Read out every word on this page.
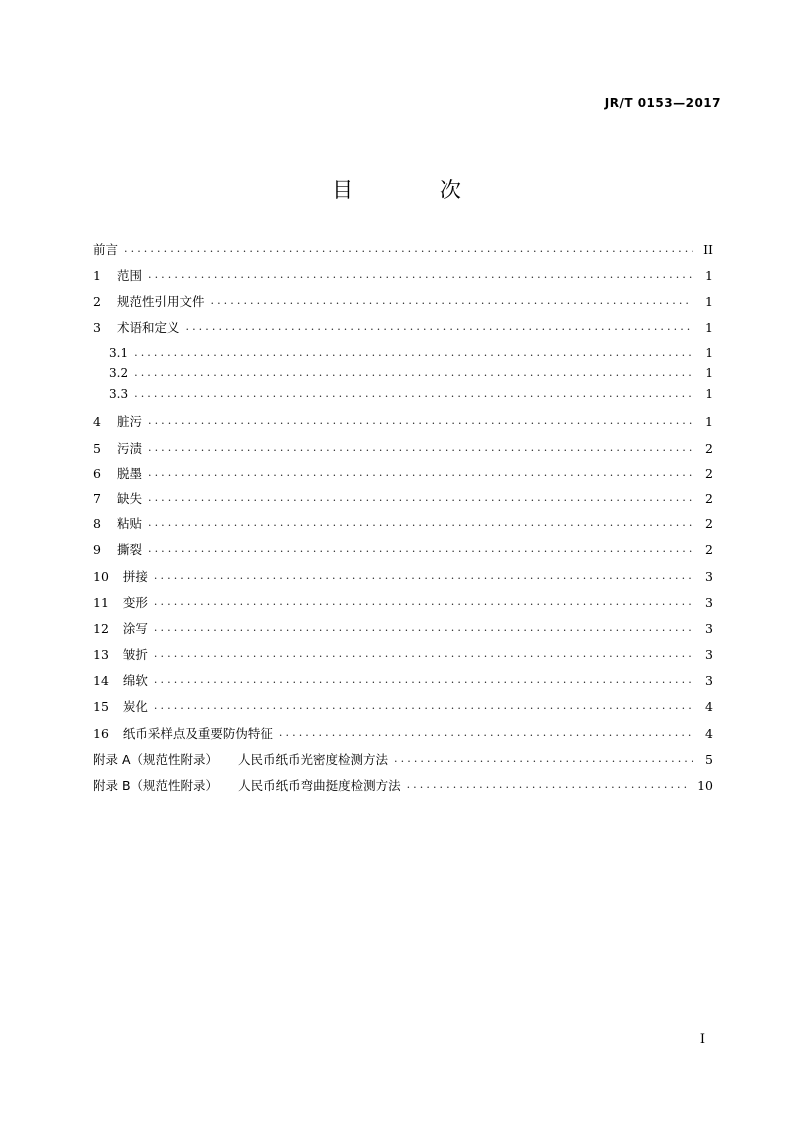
JR/T 0153—2017
目 次
前言 .....	II
1 范围 .....	1
2 规范性引用文件 .....	1
3 术语和定义 .....	1
3.1 .....	1
3.2 .....	1
3.3 .....	1
4 脏污 .....	1
5 污渍 .....	2
6 脱墨 .....	2
7 缺失 .....	2
8 粘贴 .....	2
9 撕裂 .....	2
10 拼接 .....	3
11 变形 .....	3
12 涂写 .....	3
13 皱折 .....	3
14 绵软 .....	3
15 炭化 .....	4
16 纸币采样点及重要防伪特征 .....	4
附录 A（规范性附录） 人民币纸币光密度检测方法 .....	5
附录 B（规范性附录） 人民币纸币弯曲挺度检测方法 .....	10
I
